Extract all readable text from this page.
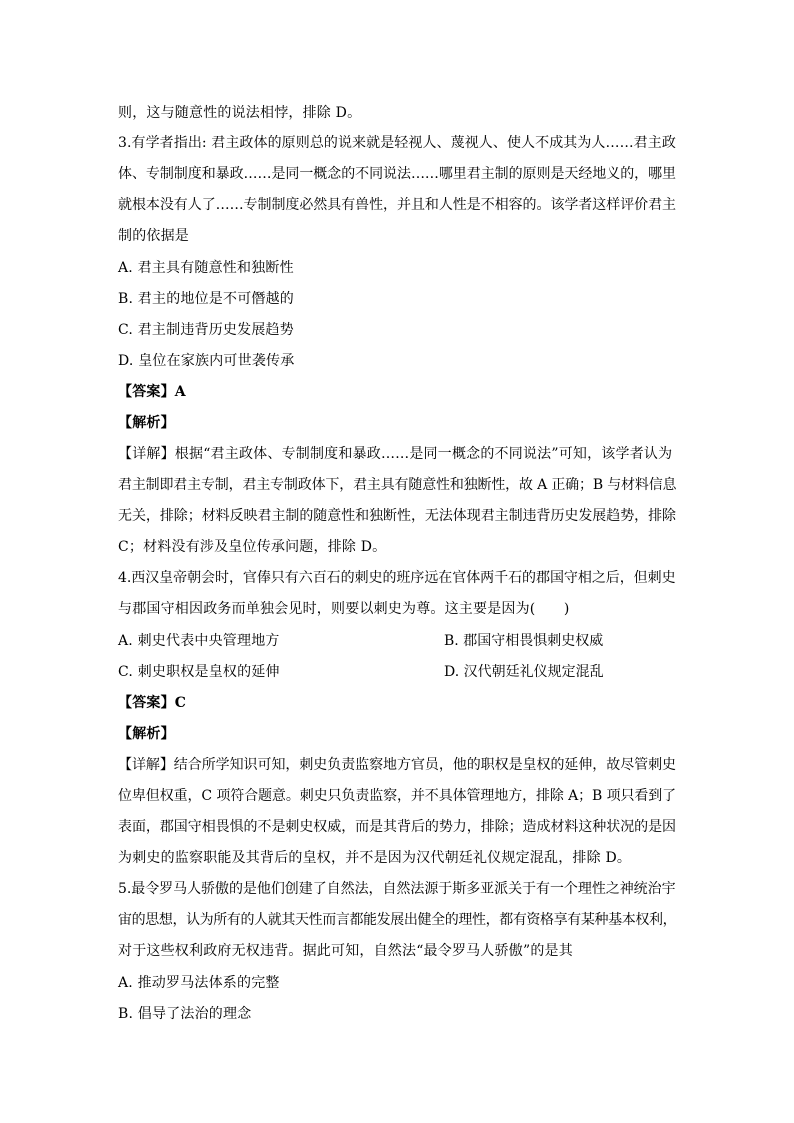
则，这与随意性的说法相悖，排除 D。
3.有学者指出: 君主政体的原则总的说来就是轻视人、蔑视人、使人不成其为人……君主政
体、专制制度和暴政……是同一概念的不同说法……哪里君主制的原则是天经地义的，哪里
就根本没有人了……专制制度必然具有兽性，并且和人性是不相容的。该学者这样评价君主
制的依据是
A. 君主具有随意性和独断性
B. 君主的地位是不可僭越的
C. 君主制违背历史发展趋势
D. 皇位在家族内可世袭传承
【答案】A
【解析】
【详解】根据“君主政体、专制制度和暴政……是同一概念的不同说法”可知，该学者认为
君主制即君主专制，君主专制政体下，君主具有随意性和独断性，故 A 正确；B 与材料信息
无关，排除；材料反映君主制的随意性和独断性，无法体现君主制违背历史发展趋势，排除
C；材料没有涉及皇位传承问题，排除 D。
4.西汉皇帝朝会时，官俸只有六百石的刺史的班序远在官体两千石的郡国守相之后，但刺史
与郡国守相因政务而单独会见时，则要以刺史为尊。这主要是因为(　　)
A. 刺史代表中央管理地方	B. 郡国守相畏惧刺史权威
C. 刺史职权是皇权的延伸	D. 汉代朝廷礼仪规定混乱
【答案】C
【解析】
【详解】结合所学知识可知，刺史负责监察地方官员，他的职权是皇权的延伸，故尽管刺史
位卑但权重，C 项符合题意。刺史只负责监察，并不具体管理地方，排除 A；B 项只看到了
表面，郡国守相畏惧的不是刺史权威，而是其背后的势力，排除；造成材料这种状况的是因
为刺史的监察职能及其背后的皇权，并不是因为汉代朝廷礼仪规定混乱，排除 D。
5.最令罗马人骄傲的是他们创建了自然法，自然法源于斯多亚派关于有一个理性之神统治宇
宙的思想，认为所有的人就其天性而言都能发展出健全的理性，都有资格享有某种基本权利，
对于这些权利政府无权违背。据此可知，自然法“最令罗马人骄傲”的是其
A. 推动罗马法体系的完整
B. 倡导了法治的理念
